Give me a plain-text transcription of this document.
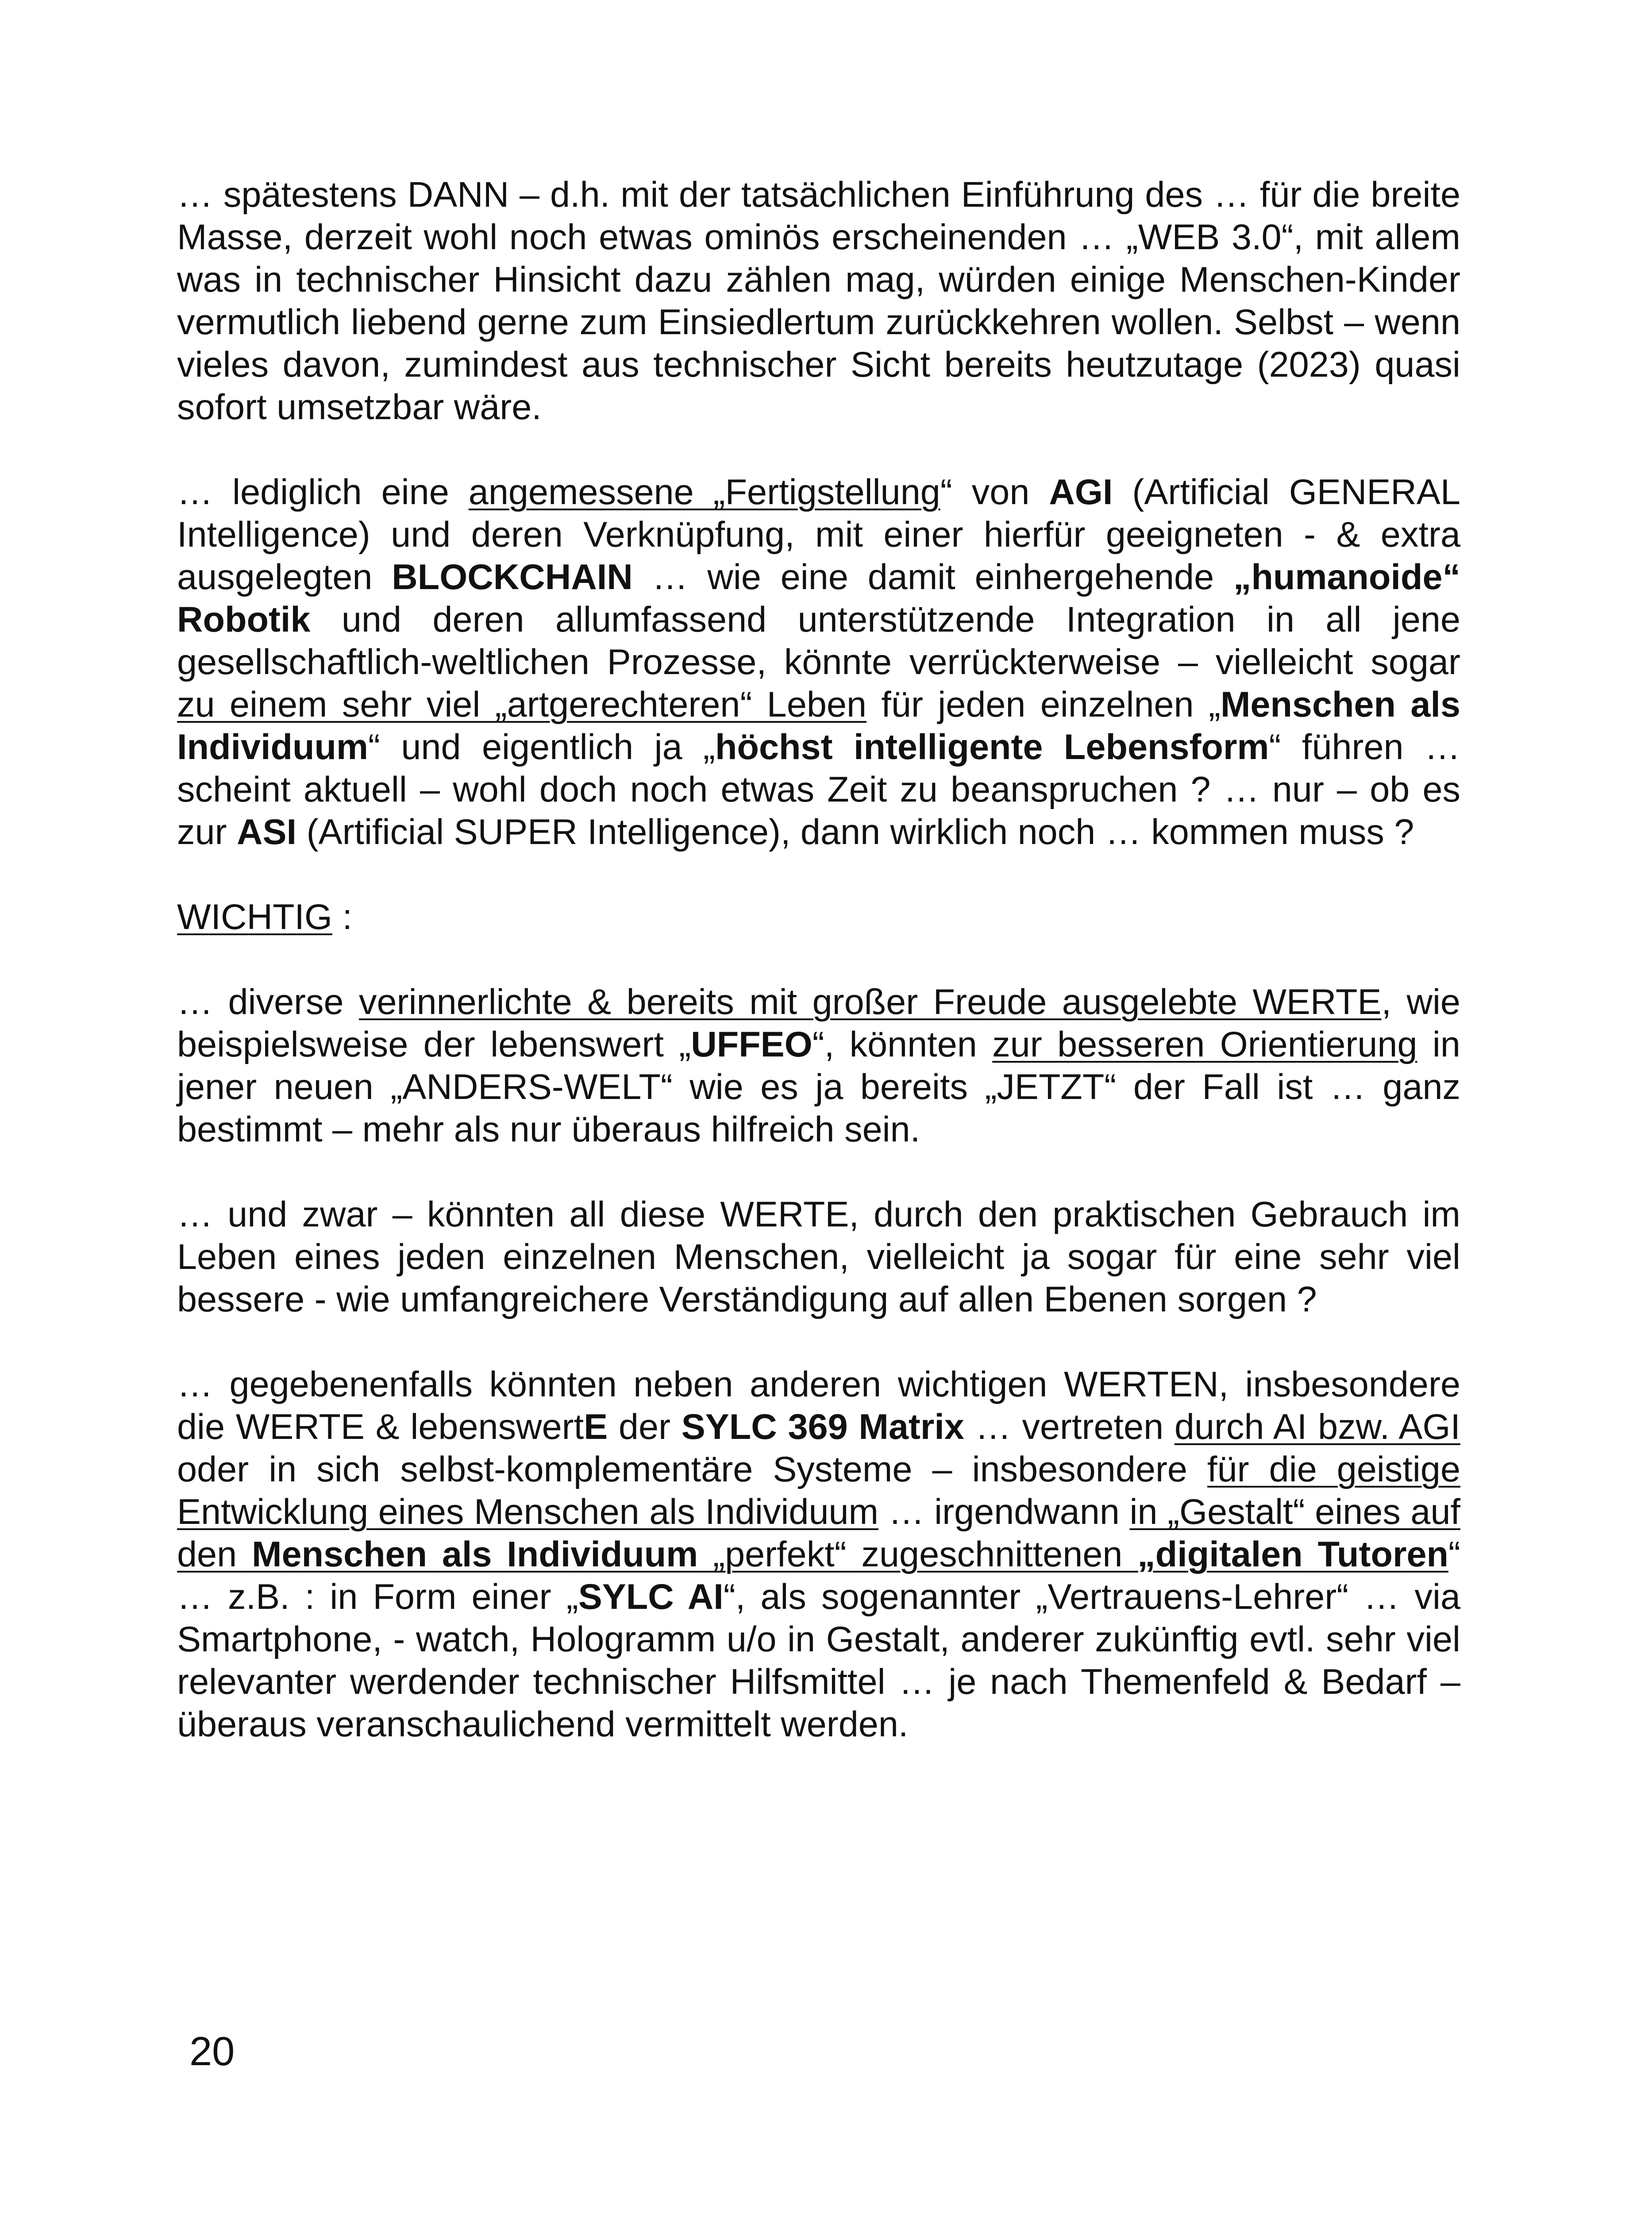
… spätestens DANN – d.h. mit der tatsächlichen Einführung des … für die breite Masse, derzeit wohl noch etwas ominös erscheinenden … „WEB 3.0“, mit allem was in technischer Hinsicht dazu zählen mag, würden einige Menschen-Kinder vermutlich liebend gerne zum Einsiedlertum zurückkehren wollen. Selbst – wenn vieles davon, zumindest aus technischer Sicht bereits heutzutage (2023) quasi sofort umsetzbar wäre.

… lediglich eine angemessene „Fertigstellung“ von AGI (Artificial GENERAL Intelligence) und deren Verknüpfung, mit einer hierfür geeigneten - & extra ausgelegten BLOCKCHAIN … wie eine damit einhergehende „humanoide“ Robotik und deren allumfassend unterstützende Integration in all jene gesellschaftlich-weltlichen Prozesse, könnte verrückterweise – vielleicht sogar zu einem sehr viel „artgerechteren“ Leben für jeden einzelnen „Menschen als Individuum“ und eigentlich ja „höchst intelligente Lebensform“ führen … scheint aktuell – wohl doch noch etwas Zeit zu beanspruchen ? … nur – ob es zur ASI (Artificial SUPER Intelligence), dann wirklich noch … kommen muss ?

WICHTIG :

… diverse verinnerlichte & bereits mit großer Freude ausgelebte WERTE, wie beispielsweise der lebenswert „UFFEO“, könnten zur besseren Orientierung in jener neuen „ANDERS-WELT“ wie es ja bereits „JETZT“ der Fall ist … ganz bestimmt – mehr als nur überaus hilfreich sein.

… und zwar – könnten all diese WERTE, durch den praktischen Gebrauch im Leben eines jeden einzelnen Menschen, vielleicht ja sogar für eine sehr viel bessere - wie umfangreichere Verständigung auf allen Ebenen sorgen ?

… gegebenenfalls könnten neben anderen wichtigen WERTEN, insbesondere die WERTE & lebenswertE der SYLC 369 Matrix … vertreten durch AI bzw. AGI oder in sich selbst-komplementäre Systeme – insbesondere für die geistige Entwicklung eines Menschen als Individuum … irgendwann in „Gestalt“ eines auf den Menschen als Individuum „perfekt“ zugeschnittenen „digitalen Tutoren“ … z.B. : in Form einer „SYLC AI“, als sogenannter „Vertrauens-Lehrer“ … via Smartphone, - watch, Hologramm u/o in Gestalt, anderer zukünftig evtl. sehr viel relevanter werdender technischer Hilfsmittel … je nach Themenfeld & Bedarf – überaus veranschaulichend vermittelt werden.

20
